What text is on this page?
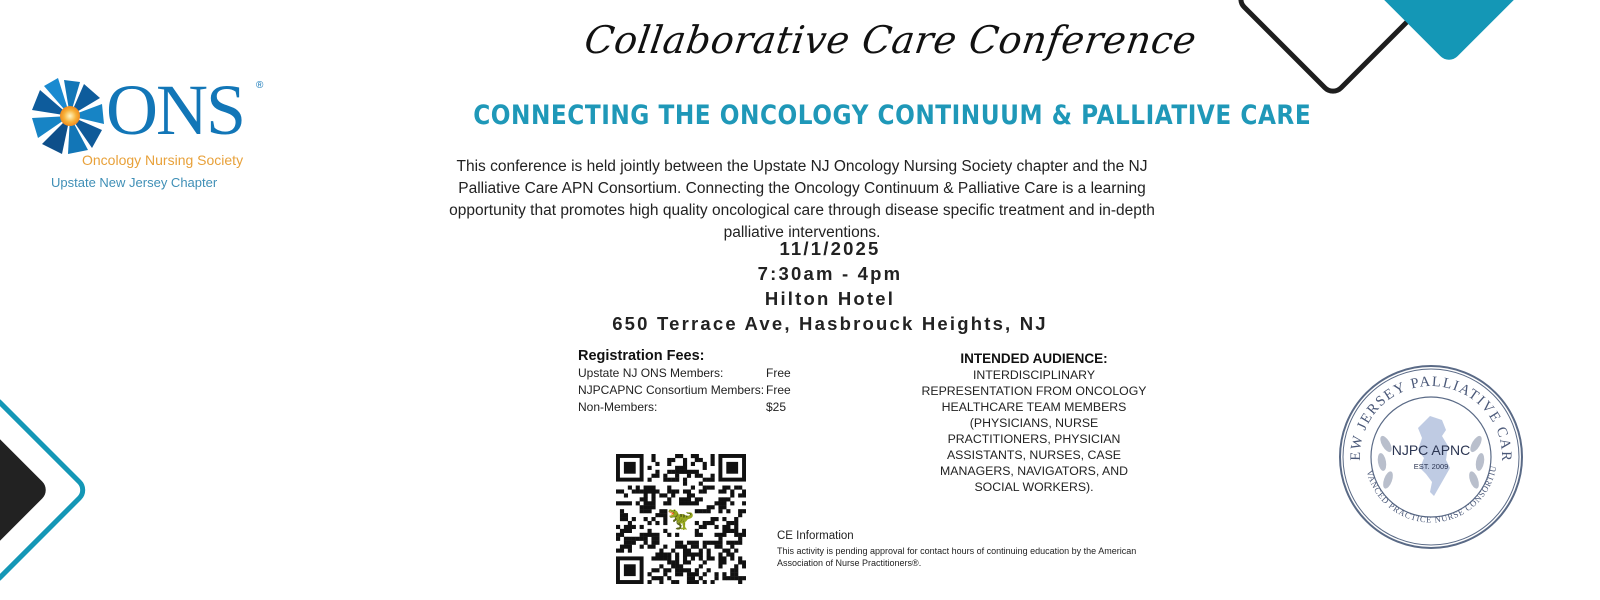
ONS ®
Oncology Nursing Society
Upstate New Jersey Chapter
Collaborative Care Conference
CONNECTING THE ONCOLOGY CONTINUUM & PALLIATIVE CARE
This conference is held jointly between the Upstate NJ Oncology Nursing Society chapter and the NJ Palliative Care APN Consortium. Connecting the Oncology Continuum & Palliative Care is a learning opportunity that promotes high quality oncological care through disease specific treatment and in-depth palliative interventions.
11/1/2025
7:30am - 4pm
Hilton Hotel
650 Terrace Ave, Hasbrouck Heights, NJ
Registration Fees:
Upstate NJ ONS Members:	Free
NJPCAPNC Consortium Members: Free
Non-Members:	$25
INTENDED AUDIENCE:
INTERDISCIPLINARY REPRESENTATION FROM ONCOLOGY HEALTHCARE TEAM MEMBERS (PHYSICIANS, NURSE PRACTITIONERS, PHYSICIAN ASSISTANTS, NURSES, CASE MANAGERS, NAVIGATORS, AND SOCIAL WORKERS).
🦖
CE Information
This activity is pending approval for contact hours of continuing education by the American Association of Nurse Practitioners®.
EW JERSEY PALLIATIVE CAR
VANCED PRACTICE NURSE CONSORTIU
NJPC APNC
EST. 2009
